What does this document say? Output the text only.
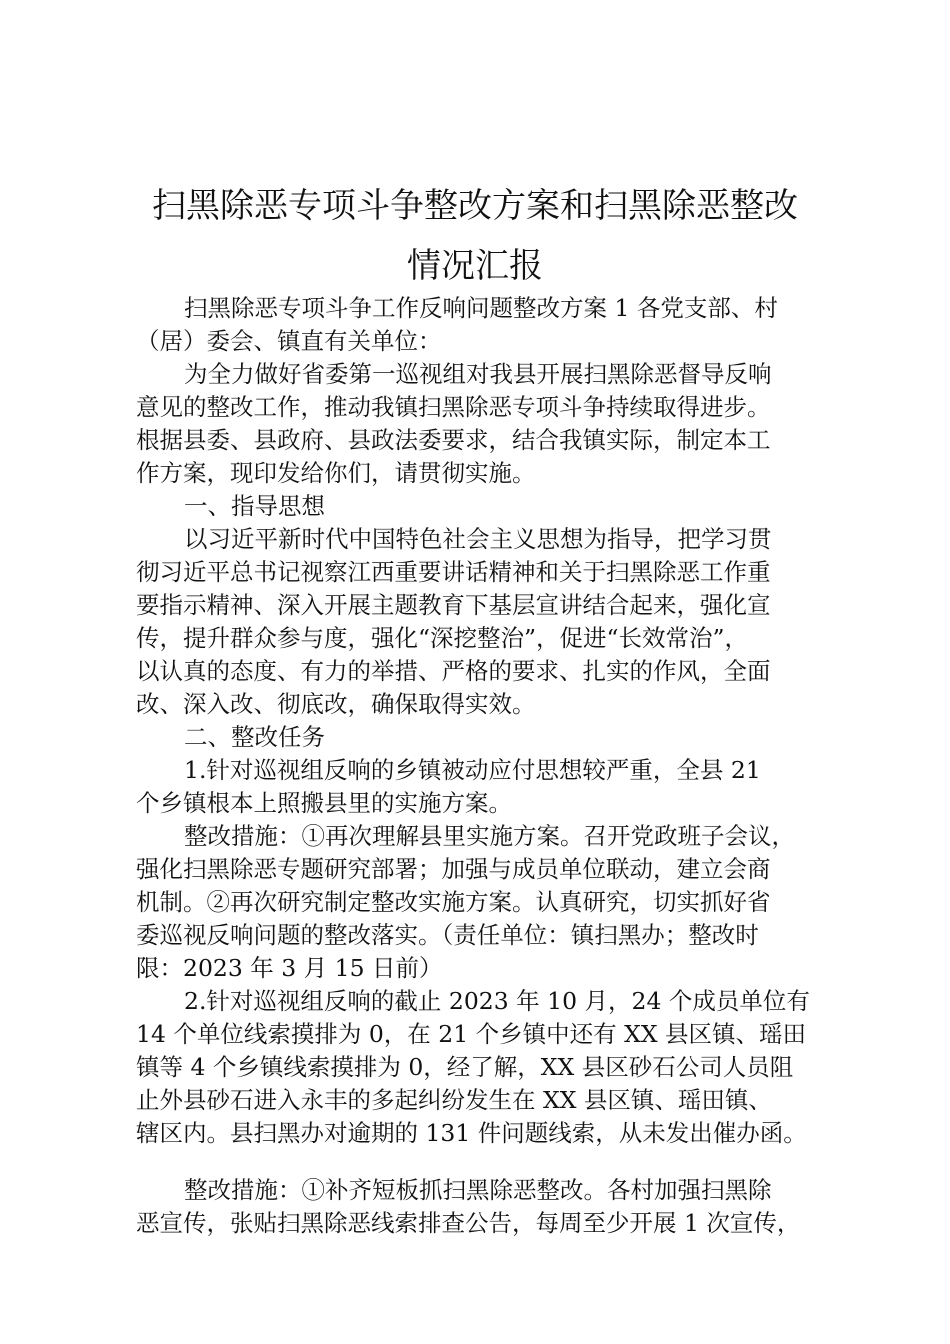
扫黑除恶专项斗争整改方案和扫黑除恶整改
情况汇报
扫黑除恶专项斗争工作反响问题整改方案 1 各党支部、村
（居）委会、镇直有关单位：
为全力做好省委第一巡视组对我县开展扫黑除恶督导反响
意见的整改工作，推动我镇扫黑除恶专项斗争持续取得进步。
根据县委、县政府、县政法委要求，结合我镇实际，制定本工
作方案，现印发给你们，请贯彻实施。
一、指导思想
以习近平新时代中国特色社会主义思想为指导，把学习贯
彻习近平总书记视察江西重要讲话精神和关于扫黑除恶工作重
要指示精神、深入开展主题教育下基层宣讲结合起来，强化宣
传，提升群众参与度，强化“深挖整治”，促进“长效常治”，
以认真的态度、有力的举措、严格的要求、扎实的作风，全面
改、深入改、彻底改，确保取得实效。
二、整改任务
1.针对巡视组反响的乡镇被动应付思想较严重，全县 21
个乡镇根本上照搬县里的实施方案。
整改措施：①再次理解县里实施方案。召开党政班子会议，
强化扫黑除恶专题研究部署；加强与成员单位联动，建立会商
机制。②再次研究制定整改实施方案。认真研究，切实抓好省
委巡视反响问题的整改落实。（责任单位：镇扫黑办；整改时
限：2023 年 3 月 15 日前）
2.针对巡视组反响的截止 2023 年 10 月，24 个成员单位有
14 个单位线索摸排为 0，在 21 个乡镇中还有 XX 县区镇、瑶田
镇等 4 个乡镇线索摸排为 0，经了解，XX 县区砂石公司人员阻
止外县砂石进入永丰的多起纠纷发生在 XX 县区镇、瑶田镇、
辖区内。县扫黑办对逾期的 131 件问题线索，从未发出催办函。
整改措施：①补齐短板抓扫黑除恶整改。各村加强扫黑除
恶宣传，张贴扫黑除恶线索排查公告，每周至少开展 1 次宣传，
